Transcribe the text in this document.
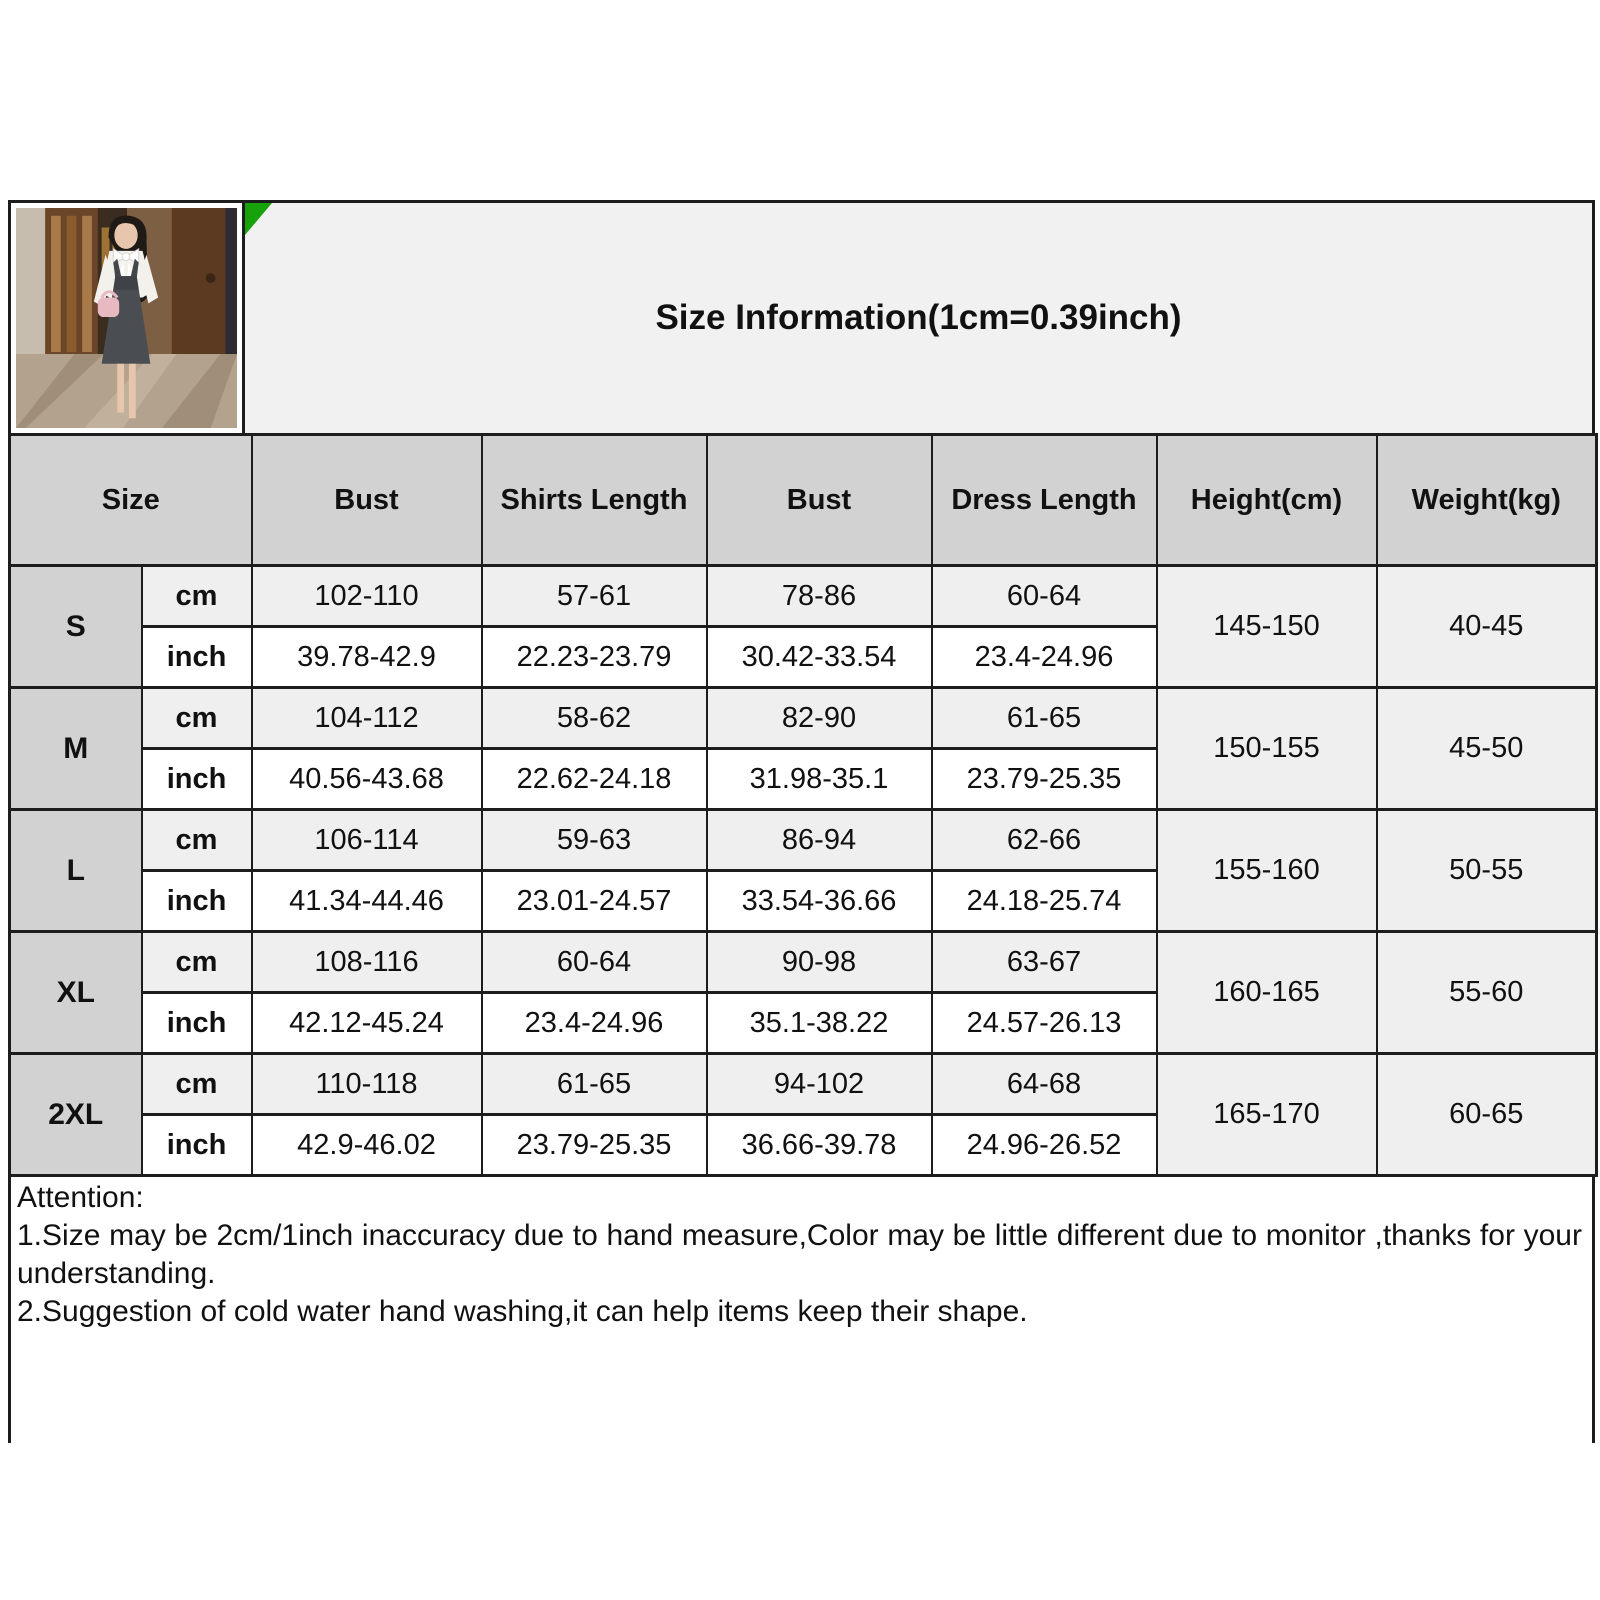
Size Information(1cm=0.39inch)
Size		Bust	Shirts Length	Bust	Dress Length	Height(cm)	Weight(kg)
S	cm	102-110	57-61	78-86	60-64	145-150	40-45
	inch	39.78-42.9	22.23-23.79	30.42-33.54	23.4-24.96		
M	cm	104-112	58-62	82-90	61-65	150-155	45-50
	inch	40.56-43.68	22.62-24.18	31.98-35.1	23.79-25.35		
L	cm	106-114	59-63	86-94	62-66	155-160	50-55
	inch	41.34-44.46	23.01-24.57	33.54-36.66	24.18-25.74		
XL	cm	108-116	60-64	90-98	63-67	160-165	55-60
	inch	42.12-45.24	23.4-24.96	35.1-38.22	24.57-26.13		
2XL	cm	110-118	61-65	94-102	64-68	165-170	60-65
	inch	42.9-46.02	23.79-25.35	36.66-39.78	24.96-26.52		

Attention:

1.Size may be 2cm/1inch inaccuracy due to hand measure,Color may be little different due to monitor ,thanks for your understanding.

2.Suggestion of cold water hand washing,it can help items keep their shape.
